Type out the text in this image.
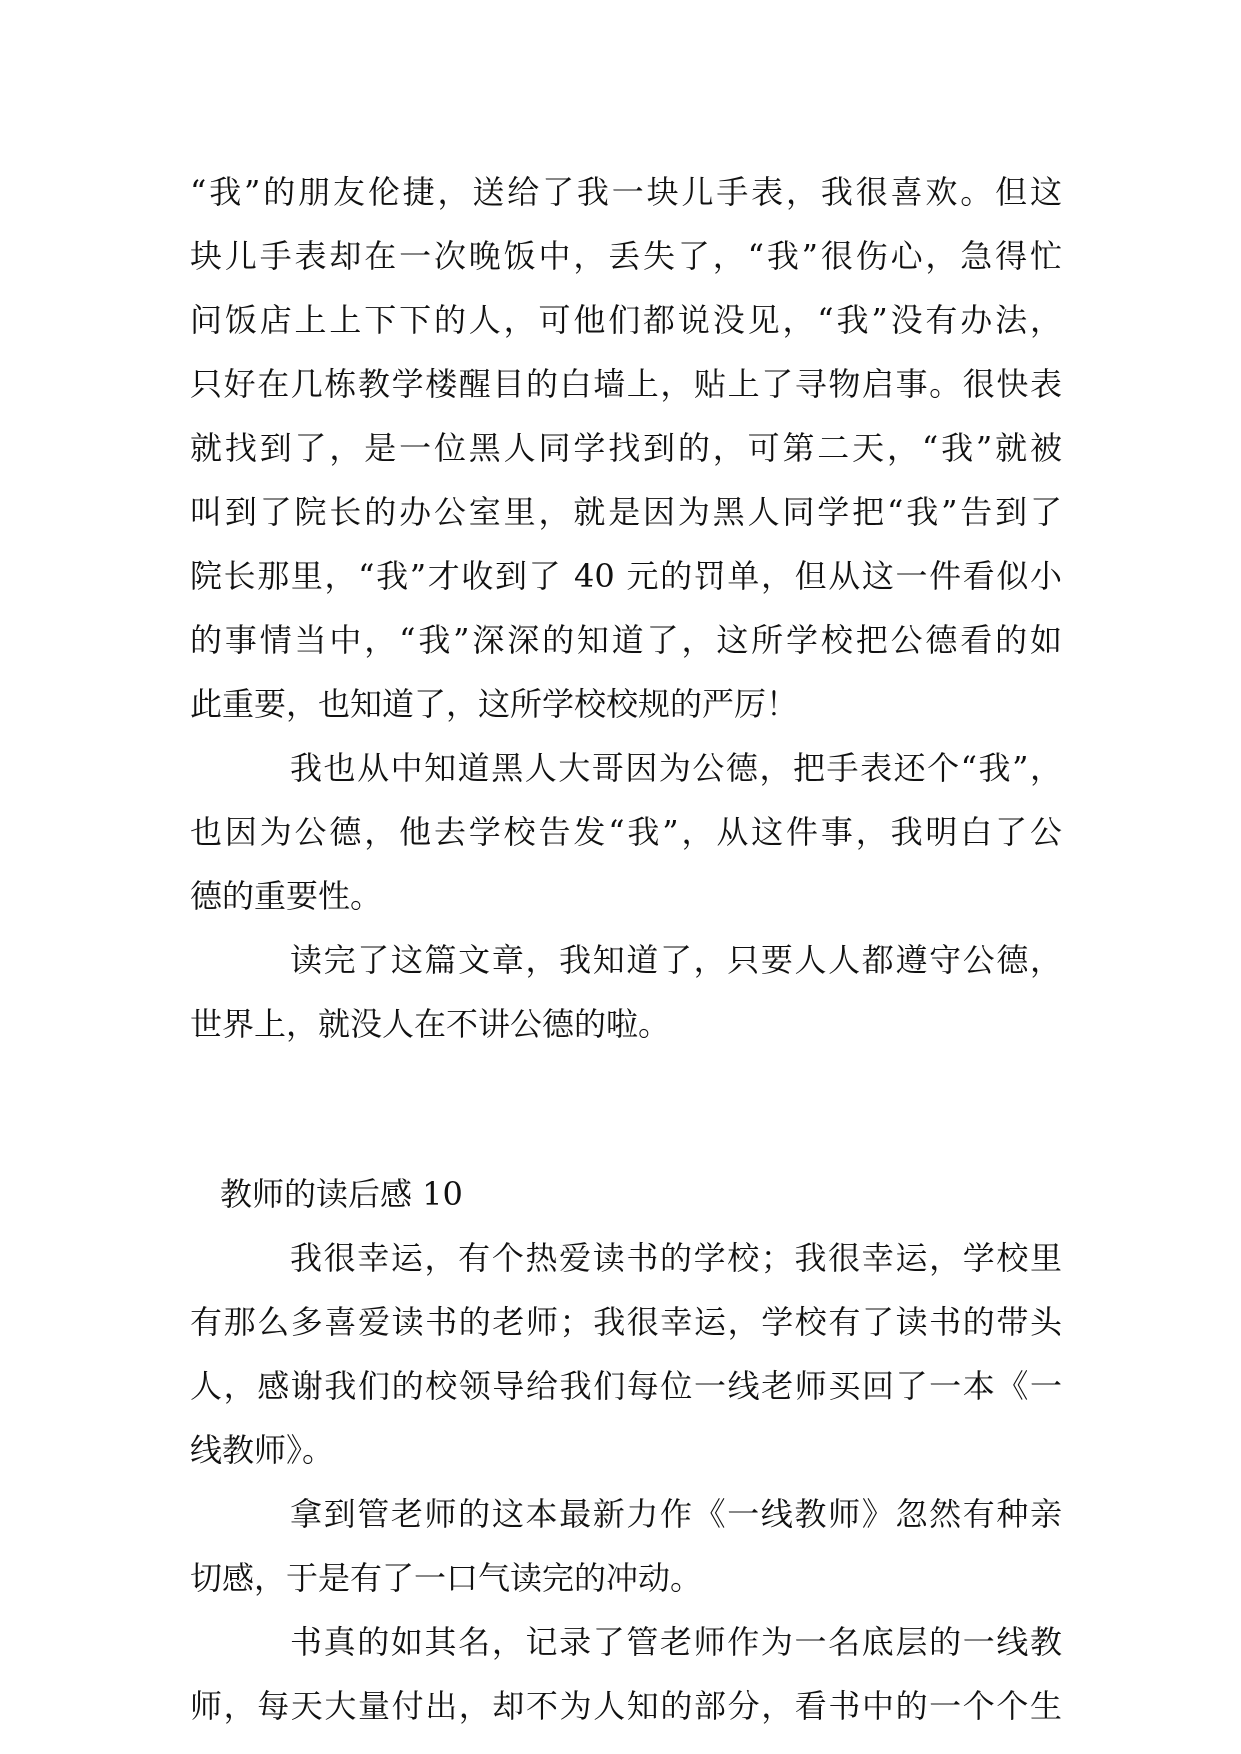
“我”的朋友伦捷，送给了我一块儿手表，我很喜欢。但这
块儿手表却在一次晚饭中，丢失了，“我”很伤心，急得忙
问饭店上上下下的人，可他们都说没见，“我”没有办法，
只好在几栋教学楼醒目的白墙上，贴上了寻物启事。很快表
就找到了，是一位黑人同学找到的，可第二天，“我”就被
叫到了院长的办公室里，就是因为黑人同学把“我”告到了
院长那里，“我”才收到了 40 元的罚单，但从这一件看似小
的事情当中，“我”深深的知道了，这所学校把公德看的如
此重要，也知道了，这所学校校规的严厉！
我也从中知道黑人大哥因为公德，把手表还个“我”，
也因为公德，他去学校告发“我”，从这件事，我明白了公
德的重要性。
读完了这篇文章，我知道了，只要人人都遵守公德，
世界上，就没人在不讲公德的啦。
教师的读后感 10
我很幸运，有个热爱读书的学校；我很幸运，学校里
有那么多喜爱读书的老师；我很幸运，学校有了读书的带头
人，感谢我们的校领导给我们每位一线老师买回了一本《一
线教师》。
拿到管老师的这本最新力作《一线教师》忽然有种亲
切感，于是有了一口气读完的冲动。
书真的如其名，记录了管老师作为一名底层的一线教
师，每天大量付出，却不为人知的部分，看书中的一个个生
